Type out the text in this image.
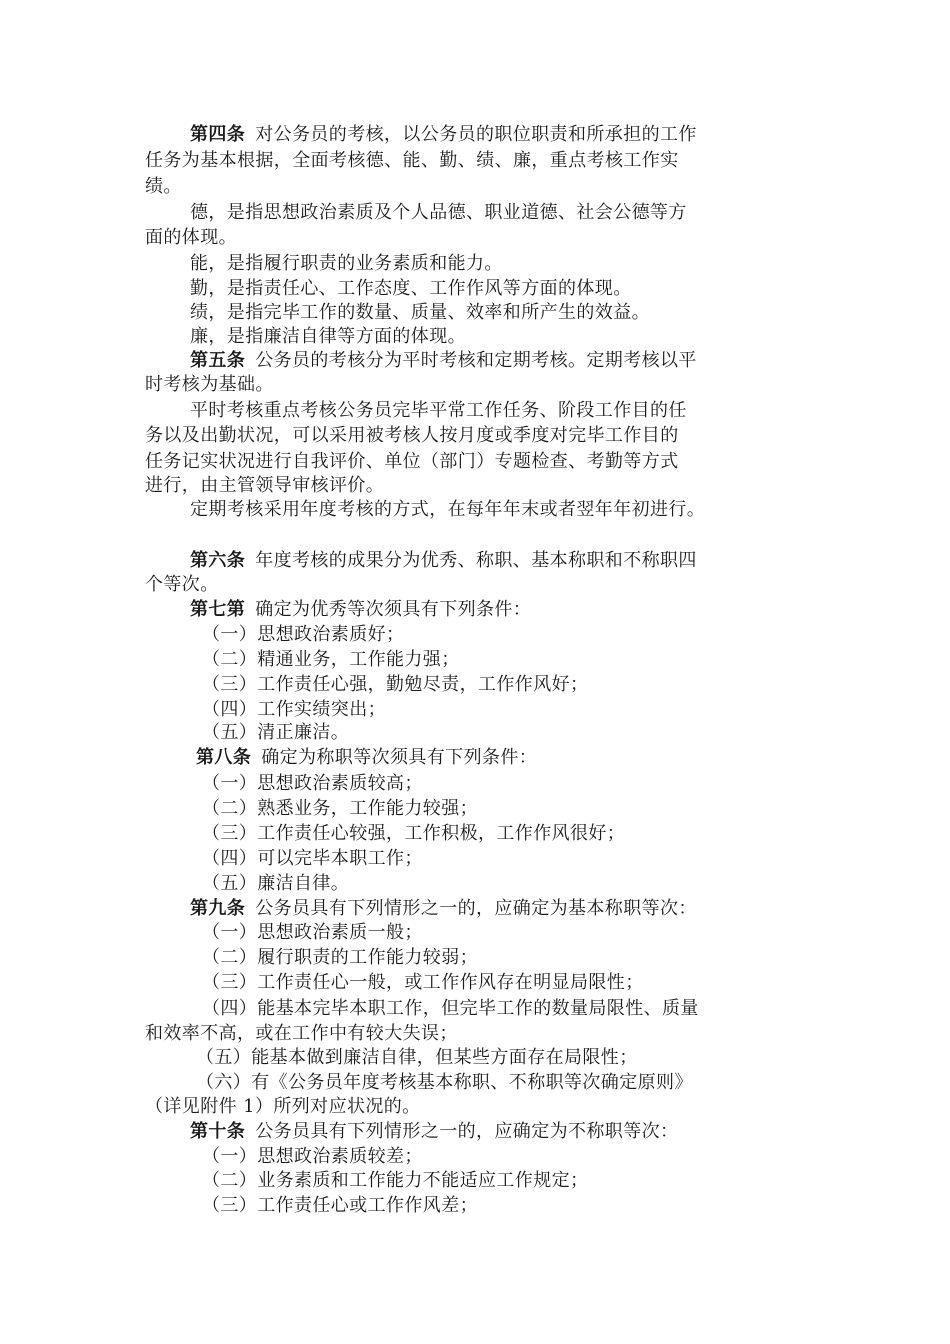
第四条 对公务员的考核，以公务员的职位职责和所承担的工作
任务为基本根据，全面考核德、能、勤、绩、廉，重点考核工作实
绩。
德，是指思想政治素质及个人品德、职业道德、社会公德等方
面的体现。
能，是指履行职责的业务素质和能力。
勤，是指责任心、工作态度、工作作风等方面的体现。
绩，是指完毕工作的数量、质量、效率和所产生的效益。
廉，是指廉洁自律等方面的体现。
第五条 公务员的考核分为平时考核和定期考核。定期考核以平
时考核为基础。
平时考核重点考核公务员完毕平常工作任务、阶段工作目的任
务以及出勤状况，可以采用被考核人按月度或季度对完毕工作目的
任务记实状况进行自我评价、单位（部门）专题检查、考勤等方式
进行，由主管领导审核评价。
定期考核采用年度考核的方式，在每年年末或者翌年年初进行。
第六条 年度考核的成果分为优秀、称职、基本称职和不称职四
个等次。
第七第 确定为优秀等次须具有下列条件：
（一）思想政治素质好；
（二）精通业务，工作能力强；
（三）工作责任心强，勤勉尽责，工作作风好；
（四）工作实绩突出；
（五）清正廉洁。
第八条 确定为称职等次须具有下列条件：
（一）思想政治素质较高；
（二）熟悉业务，工作能力较强；
（三）工作责任心较强，工作积极，工作作风很好；
（四）可以完毕本职工作；
（五）廉洁自律。
第九条 公务员具有下列情形之一的，应确定为基本称职等次：
（一）思想政治素质一般；
（二）履行职责的工作能力较弱；
（三）工作责任心一般，或工作作风存在明显局限性；
（四）能基本完毕本职工作，但完毕工作的数量局限性、质量
和效率不高，或在工作中有较大失误；
（五）能基本做到廉洁自律，但某些方面存在局限性；
（六）有《公务员年度考核基本称职、不称职等次确定原则》
（详见附件 1）所列对应状况的。
第十条 公务员具有下列情形之一的，应确定为不称职等次：
（一）思想政治素质较差；
（二）业务素质和工作能力不能适应工作规定；
（三）工作责任心或工作作风差；
